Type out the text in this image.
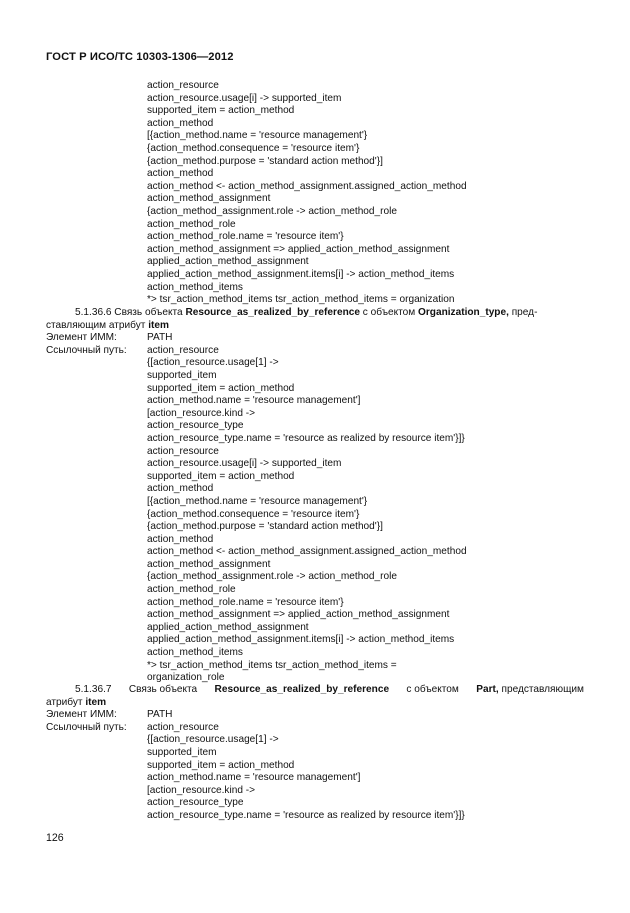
ГОСТ Р ИСО/ТС 10303-1306—2012
action_resource
action_resource.usage[i] -> supported_item
supported_item = action_method
action_method
[{action_method.name = 'resource management'}
{action_method.consequence = 'resource item'}
{action_method.purpose = 'standard action method'}]
action_method
action_method <- action_method_assignment.assigned_action_method
action_method_assignment
{action_method_assignment.role -> action_method_role
action_method_role
action_method_role.name = 'resource item'}
action_method_assignment => applied_action_method_assignment
applied_action_method_assignment
applied_action_method_assignment.items[i] -> action_method_items
action_method_items
*> tsr_action_method_items tsr_action_method_items = organization
5.1.36.6 Связь объекта Resource_as_realized_by_reference с объектом Organization_type, пред-
ставляющим атрибут item
Элемент ИММ:	PATH
Ссылочный путь: action_resource
{[action_resource.usage[1] ->
supported_item
supported_item = action_method
action_method.name = 'resource management']
[action_resource.kind ->
action_resource_type
action_resource_type.name = 'resource as realized by resource item'}]}
action_resource
action_resource.usage[i] -> supported_item
supported_item = action_method
action_method
[{action_method.name = 'resource management'}
{action_method.consequence = 'resource item'}
{action_method.purpose = 'standard action method'}]
action_method
action_method <- action_method_assignment.assigned_action_method
action_method_assignment
{action_method_assignment.role -> action_method_role
action_method_role
action_method_role.name = 'resource item'}
action_method_assignment => applied_action_method_assignment
applied_action_method_assignment
applied_action_method_assignment.items[i] -> action_method_items
action_method_items
*> tsr_action_method_items tsr_action_method_items =
organization_role
5.1.36.7 Связь объекта Resource_as_realized_by_reference с объектом Part, представляющим
атрибут item
Элемент ИММ:	PATH
Ссылочный путь: action_resource
{[action_resource.usage[1] ->
supported_item
supported_item = action_method
action_method.name = 'resource management']
[action_resource.kind ->
action_resource_type
action_resource_type.name = 'resource as realized by resource item'}]}
126
